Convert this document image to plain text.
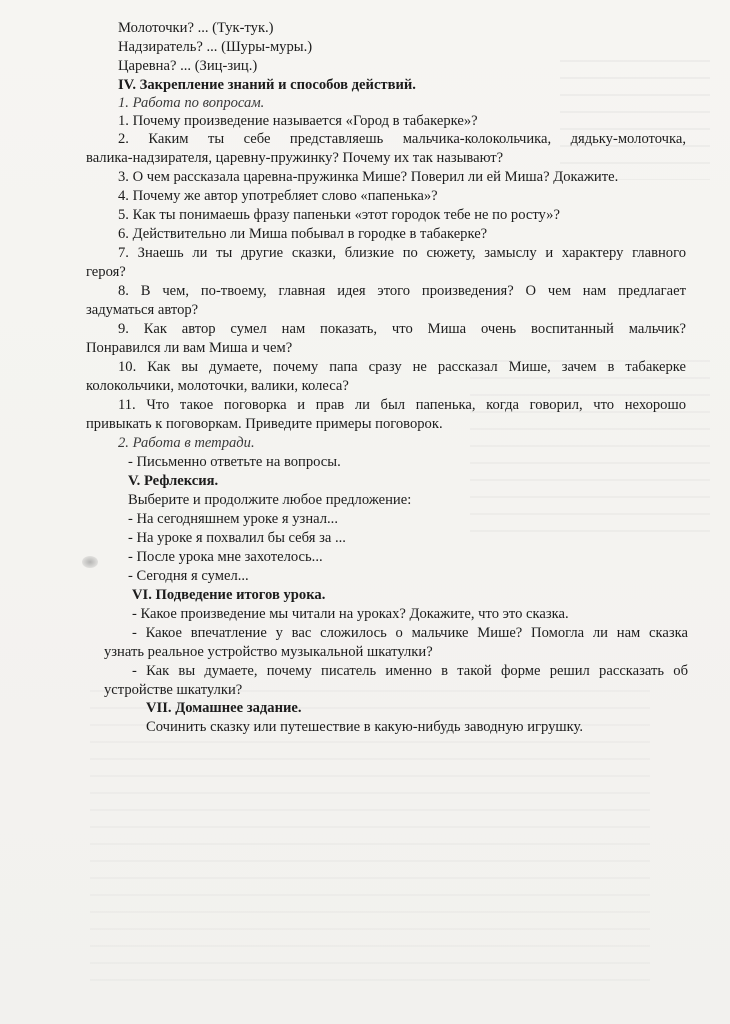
Молоточки? ... (Тук-тук.)
Надзиратель? ... (Шуры-муры.)
Царевна? ... (Зиц-зиц.)
IV. Закрепление знаний и способов действий.
1. Работа по вопросам.
1. Почему произведение называется «Город в табакерке»?
2. Каким ты себе представляешь мальчика-колокольчика, дядьку-молоточка,
валика-надзирателя, царевну-пружинку? Почему их так называют?
3. О чем рассказала царевна-пружинка Мише? Поверил ли ей Миша? Докажите.
4. Почему же автор употребляет слово «папенька»?
5. Как ты понимаешь фразу папеньки «этот городок тебе не по росту»?
6. Действительно ли Миша побывал в городке в табакерке?
7. Знаешь ли ты другие сказки, близкие по сюжету, замыслу и характеру главного
героя?
8. В чем, по-твоему, главная идея этого произведения? О чем нам предлагает
задуматься автор?
9. Как автор сумел нам показать, что Миша очень воспитанный мальчик?
Понравился ли вам Миша и чем?
10. Как вы думаете, почему папа сразу не рассказал Мише, зачем в табакерке
колокольчики, молоточки, валики, колеса?
11. Что такое поговорка и прав ли был папенька, когда говорил, что нехорошо
привыкать к поговоркам. Приведите примеры поговорок.
2. Работа в тетради.
- Письменно ответьте на вопросы.
V. Рефлексия.
Выберите и продолжите любое предложение:
- На сегодняшнем уроке я узнал...
- На уроке я похвалил бы себя за ...
- После урока мне захотелось...
- Сегодня я сумел...
VI. Подведение итогов урока.
- Какое произведение мы читали на уроках? Докажите, что это сказка.
- Какое впечатление у вас сложилось о мальчике Мише? Помогла ли нам сказка
узнать реальное устройство музыкальной шкатулки?
- Как вы думаете, почему писатель именно в такой форме решил рассказать об
устройстве шкатулки?
VII. Домашнее задание.
Сочинить сказку или путешествие в какую-нибудь заводную игрушку.
